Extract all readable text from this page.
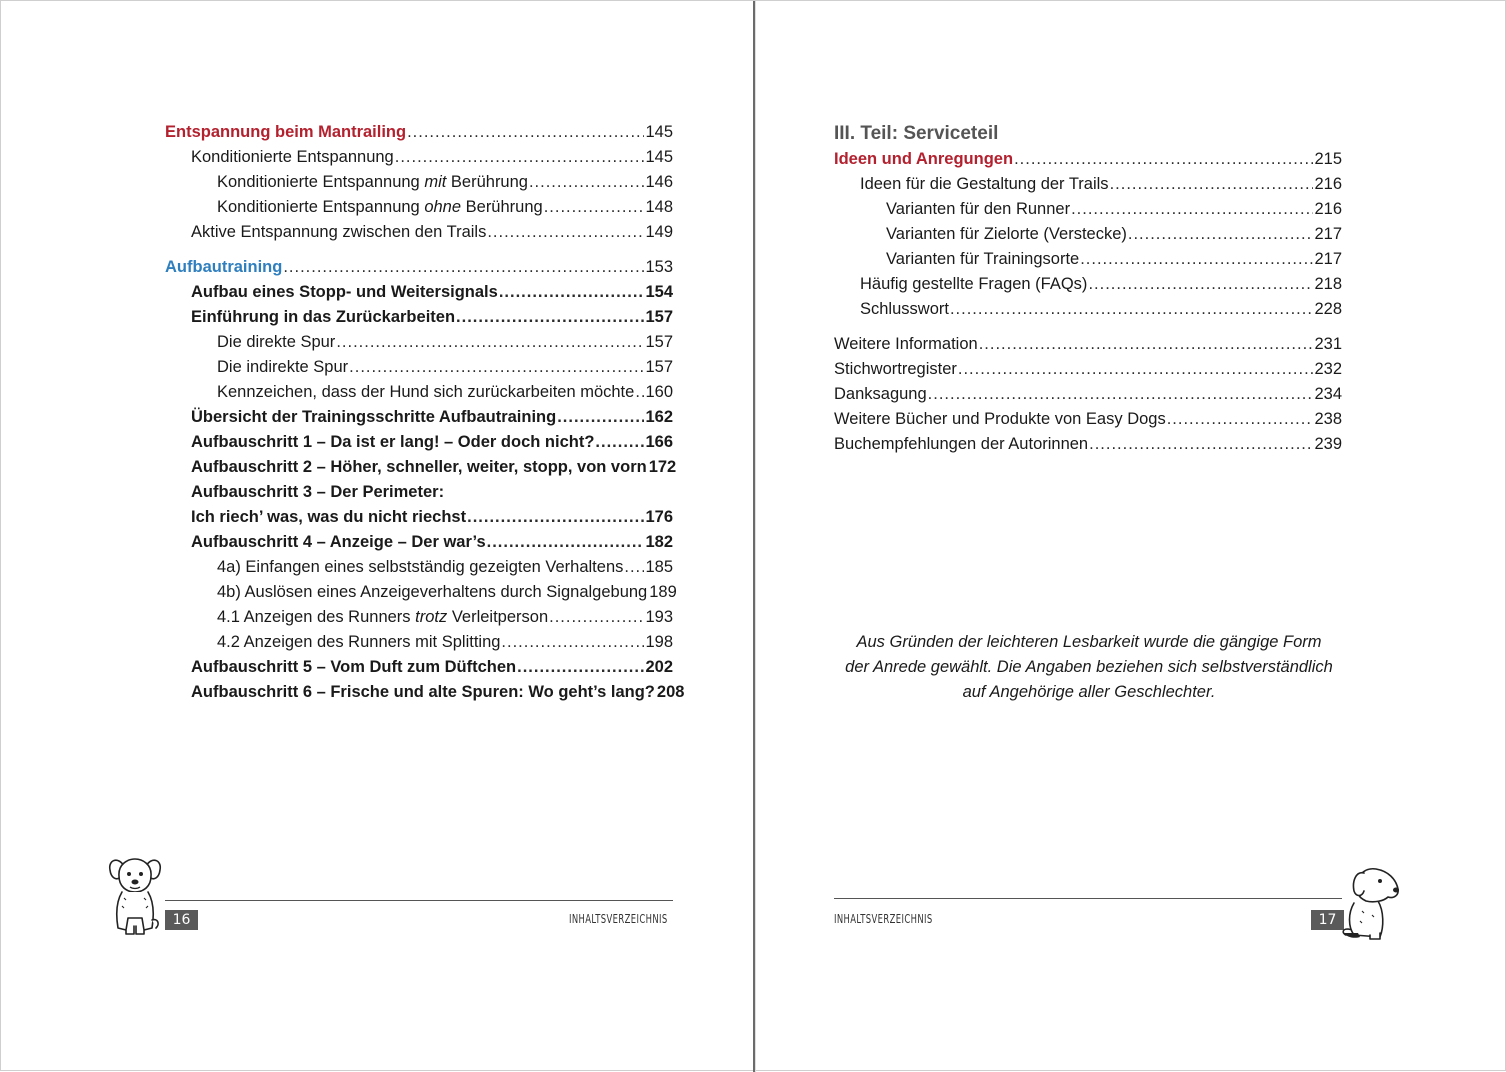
Entspannung beim Mantrailing .....	145
Konditionierte Entspannung .....	145
Konditionierte Entspannung mit Berührung .....	146
Konditionierte Entspannung ohne Berührung .....	148
Aktive Entspannung zwischen den Trails .....	149
Aufbautraining .....	153
Aufbau eines Stopp- und Weitersignals .....	154
Einführung in das Zurückarbeiten .....	157
Die direkte Spur .....	157
Die indirekte Spur .....	157
Kennzeichen, dass der Hund sich zurückarbeiten möchte ..... 160
Übersicht der Trainingsschritte Aufbautraining .....	162
Aufbauschritt 1 – Da ist er lang! – Oder doch nicht? .....	166
Aufbauschritt 2 – Höher, schneller, weiter, stopp, von vorn 172
Aufbauschritt 3 – Der Perimeter:
Ich riech’ was, was du nicht riechst .....	176
Aufbauschritt 4 – Anzeige – Der war’s .....	182
4a) Einfangen eines selbstständig gezeigten Verhaltens ..... 185
4b) Auslösen eines Anzeigeverhaltens durch Signalgebung 189
4.1 Anzeigen des Runners trotz Verleitperson .....	193
4.2 Anzeigen des Runners mit Splitting .....	198
Aufbauschritt 5 – Vom Duft zum Düftchen .....	202
Aufbauschritt 6 – Frische und alte Spuren: Wo geht’s lang? 208
16	INHALTSVERZEICHNIS
III. Teil: Serviceteil
Ideen und Anregungen .....	215
Ideen für die Gestaltung der Trails .....	216
Varianten für den Runner .....	216
Varianten für Zielorte (Verstecke) .....	217
Varianten für Trainingsorte .....	217
Häufig gestellte Fragen (FAQs) .....	218
Schlusswort .....	228
Weitere Information .....	231
Stichwortregister .....	232
Danksagung .....	234
Weitere Bücher und Produkte von Easy Dogs .....	238
Buchempfehlungen der Autorinnen .....	239
Aus Gründen der leichteren Lesbarkeit wurde die gängige Form
der Anrede gewählt. Die Angaben beziehen sich selbstverständlich
auf Angehörige aller Geschlechter.
INHALTSVERZEICHNIS	17
